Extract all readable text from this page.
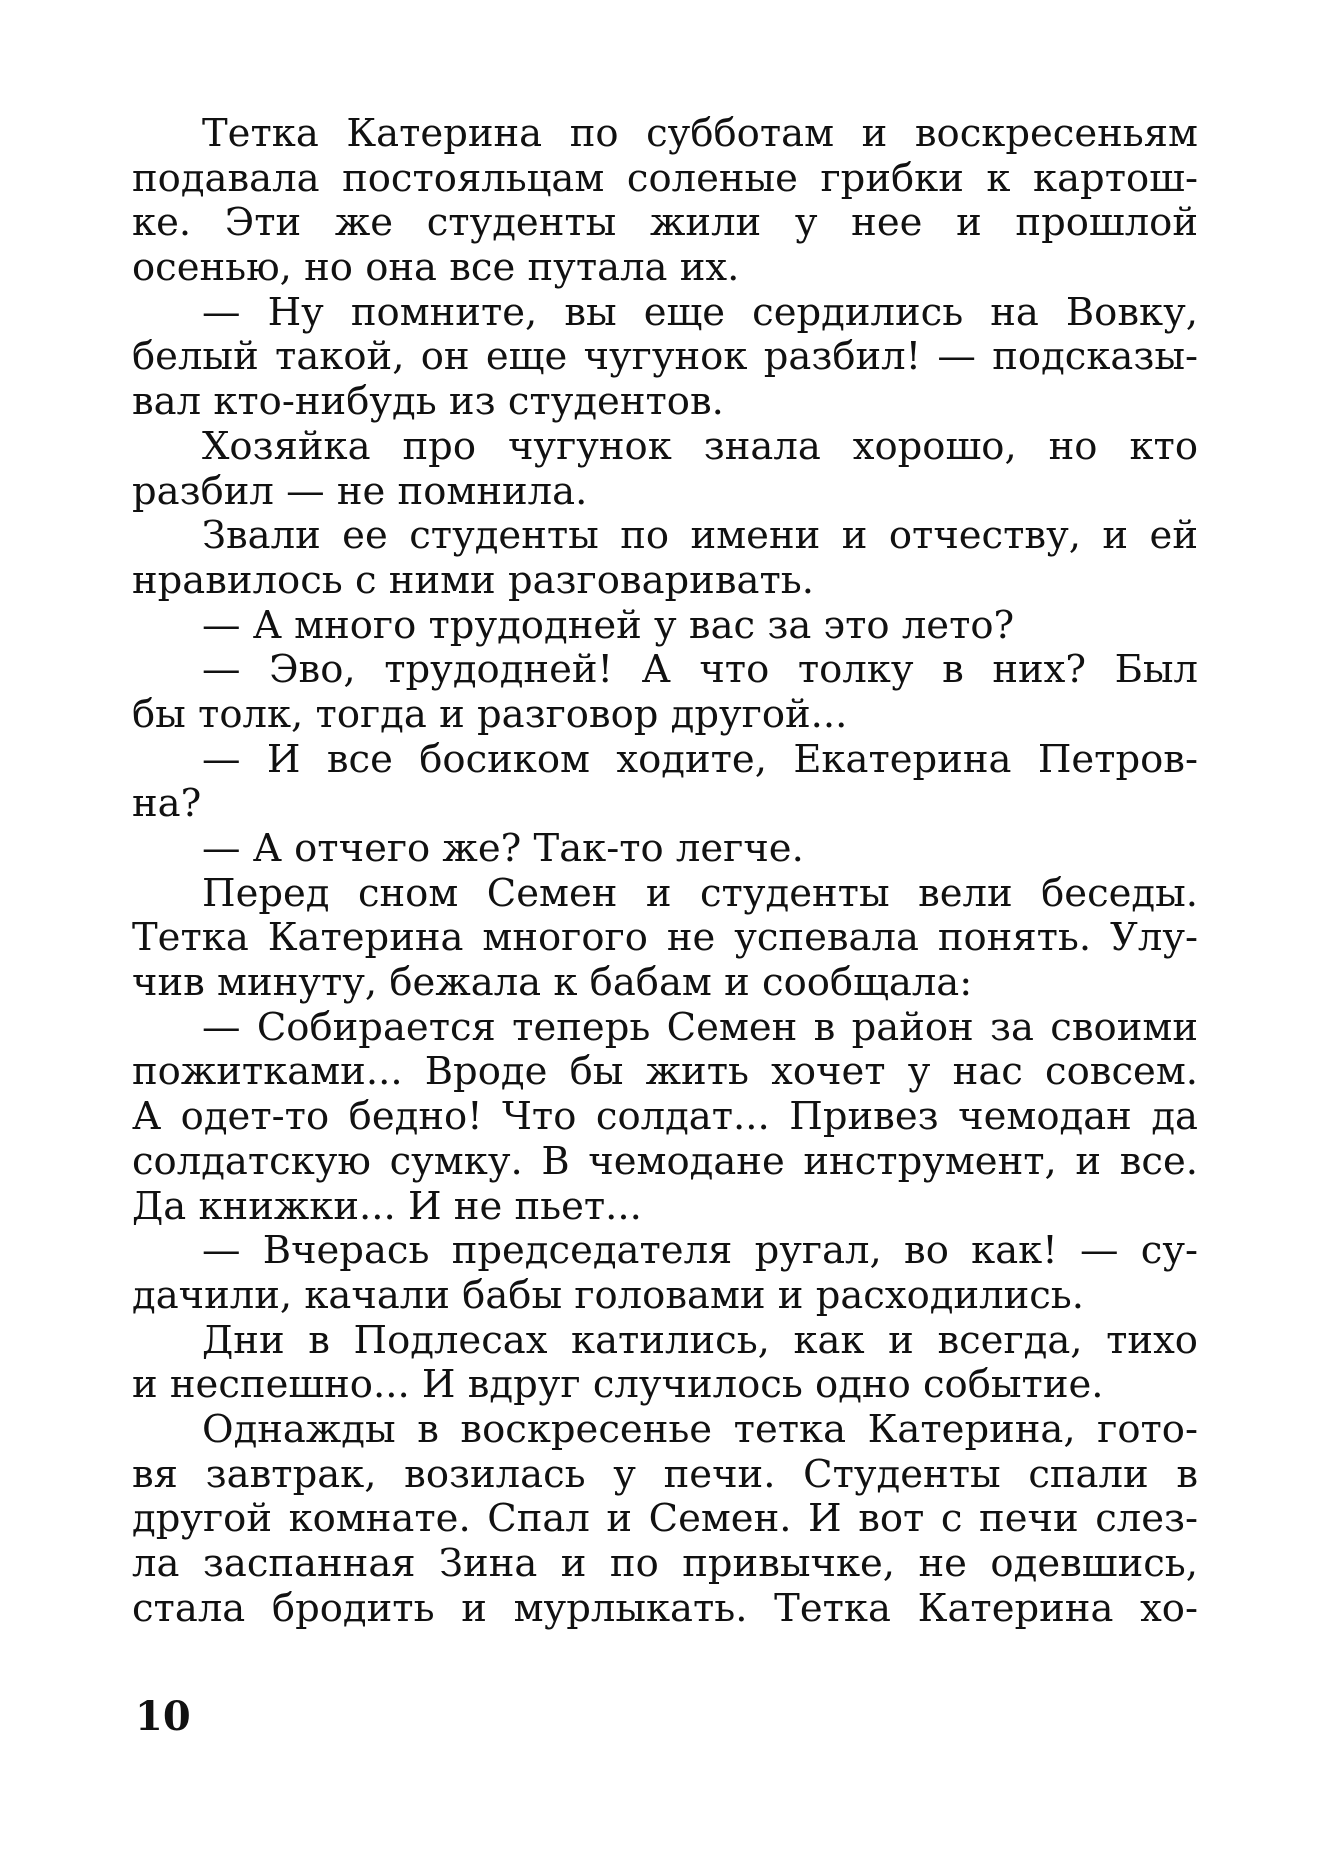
Тетка Катерина по субботам и воскресеньям
подавала постояльцам соленые грибки к картош-
ке. Эти же студенты жили у нее и прошлой
осенью, но она все путала их.
— Ну помните, вы еще сердились на Вовку,
белый такой, он еще чугунок разбил! — подсказы-
вал кто-нибудь из студентов.
Хозяйка про чугунок знала хорошо, но кто
разбил — не помнила.
Звали ее студенты по имени и отчеству, и ей
нравилось с ними разговаривать.
— А много трудодней у вас за это лето?
— Эво, трудодней! А что толку в них? Был
бы толк, тогда и разговор другой...
— И все босиком ходите, Екатерина Петров-
на?
— А отчего же? Так-то легче.
Перед сном Семен и студенты вели беседы.
Тетка Катерина многого не успевала понять. Улу-
чив минуту, бежала к бабам и сообщала:
— Собирается теперь Семен в район за своими
пожитками... Вроде бы жить хочет у нас совсем.
А одет-то бедно! Что солдат... Привез чемодан да
солдатскую сумку. В чемодане инструмент, и все.
Да книжки... И не пьет...
— Вчерась председателя ругал, во как! — су-
дачили, качали бабы головами и расходились.
Дни в Подлесах катились, как и всегда, тихо
и неспешно... И вдруг случилось одно событие.
Однажды в воскресенье тетка Катерина, гото-
вя завтрак, возилась у печи. Студенты спали в
другой комнате. Спал и Семен. И вот с печи слез-
ла заспанная Зина и по привычке, не одевшись,
стала бродить и мурлыкать. Тетка Катерина хо-
10
